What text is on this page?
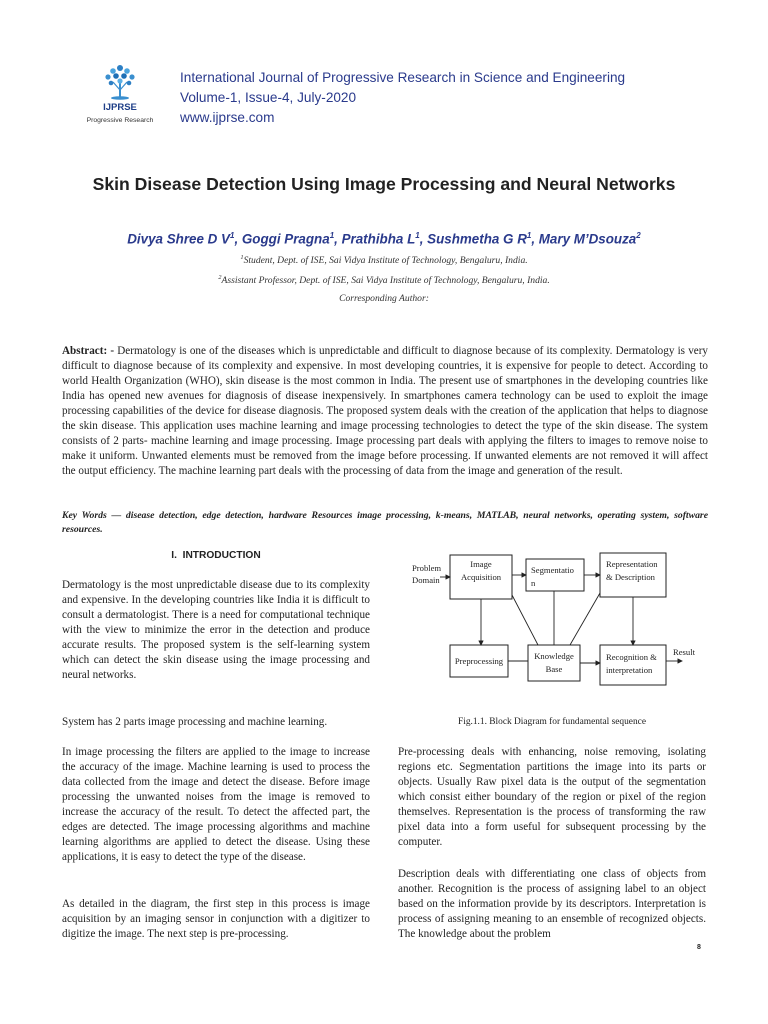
IJPRSE
Progressive Research
International Journal of Progressive Research in Science and Engineering
Volume-1, Issue-4, July-2020
www.ijprse.com
Skin Disease Detection Using Image Processing and Neural Networks
Divya Shree D $V^1$, Goggi Pragna$^1$, Prathibha $L^1$, Sushmetha G $R^1$, Mary M’Dsouza$^2$
$^1$Student, Dept. of ISE, Sai Vidya Institute of Technology, Bengaluru, India.
$^2$Assistant Professor, Dept. of ISE, Sai Vidya Institute of Technology, Bengaluru, India.
Corresponding Author:

Abstract: - Dermatology is one of the diseases which is unpredictable and difficult to diagnose because of its complexity. Dermatology is very difficult to diagnose because of its complexity and expensive. In most developing countries, it is expensive for people to detect. According to world Health Organization (WHO), skin disease is the most common in India. The present use of smartphones in the developing countries like India has opened new avenues for diagnosis of disease inexpensively. In smartphones camera technology can be used to exploit the image processing capabilities of the device for disease diagnosis. The proposed system deals with the creation of the application that helps to diagnose the skin disease. This application uses machine learning and image processing technologies to detect the type of the skin disease. The system consists of 2 parts- machine learning and image processing. Image processing part deals with applying the filters to images to remove noise to make it uniform. Unwanted elements must be removed from the image before processing. If unwanted elements are not removed it will affect the output efficiency. The machine learning part deals with the processing of data from the image and generation of the result.

Key Words — disease detection, edge detection, hardware Resources image processing, k-means, MATLAB, neural networks, operating system, software resources.

I. INTRODUCTION

Dermatology is the most unpredictable disease due to its complexity and expensive. In the developing countries like India it is difficult to consult a dermatologist. There is a need for computational technique with the view to minimize the error in the detection and produce accurate results. The proposed system is the self-learning system which can detect the skin disease using the image processing and neural networks.

System has 2 parts image processing and machine learning.

In image processing the filters are applied to the image to increase the accuracy of the image. Machine learning is used to process the data collected from the image and detect the disease. Before image processing the unwanted noises from the image is removed to increase the accuracy of the result. To detect the affected part, the edges are detected. The image processing algorithms and machine learning algorithms are applied to detect the disease. Using these applications, it is easy to detect the type of the disease.

As detailed in the diagram, the first step in this process is image acquisition by an imaging sensor in conjunction with a digitizer to digitize the image. The next step is pre-processing.

Problem
Domain
Image
Acquisition
Segmentatio
n
Representation
& Description
Preprocessing	Knowledge
Base
Recognition &
interpretation
Result
Fig.1.1. Block Diagram for fundamental sequence

Pre-processing deals with enhancing, noise removing, isolating regions etc. Segmentation partitions the image into its parts or objects. Usually Raw pixel data is the output of the segmentation which consist either boundary of the region or pixel of the region themselves. Representation is the process of transforming the raw pixel data into a form useful for subsequent processing by the computer.

Description deals with differentiating one class of objects from another. Recognition is the process of assigning label to an object based on the information provide by its descriptors. Interpretation is process of assigning meaning to an ensemble of recognized objects. The knowledge about the problem

8
